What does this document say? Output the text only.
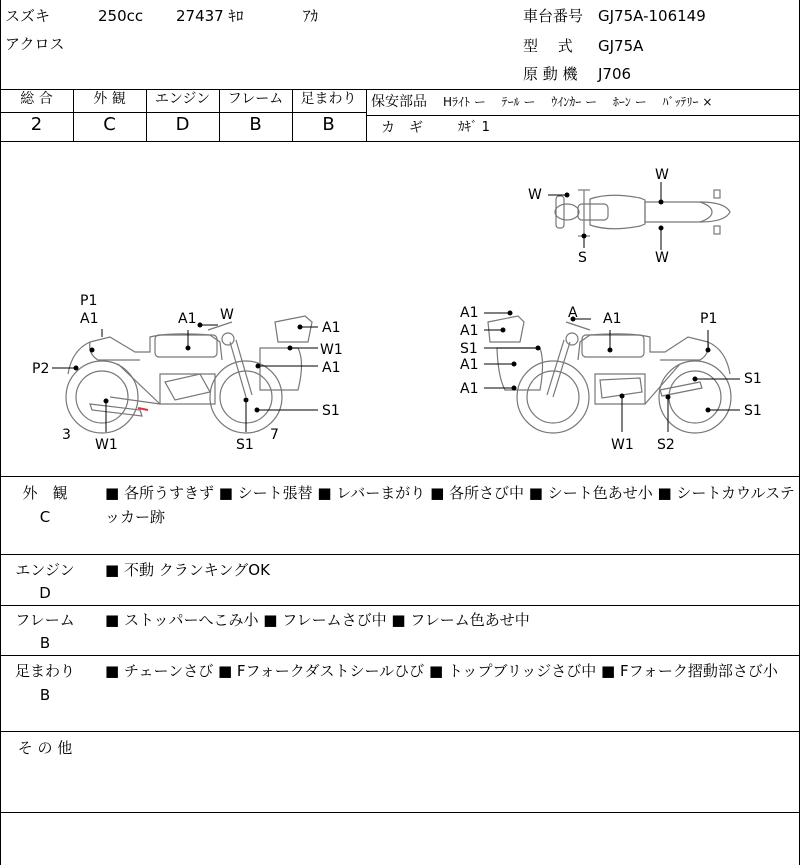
スズキ	250cc 27437 ｷﾛ	ｱｶ
アクロス
車台番号 GJ75A-106149
型　 式 GJ75A
原 動 機 J706
総 合	外 観	エンジン	フレーム	足まわり
2	C	D	B	B
保安部品 Hﾗｲﾄ ー　 ﾃｰﾙ ー　 ｳｲﾝｶｰ ー　 ﾎｰﾝ ー　 ﾊﾞｯﾃﾘｰ ×
カ　ギ	ｶｷﾞ 1
W
W
S	W
P1
A1	A1 W
A1
W1
P2	A1
S1
3
W1	S1
7
A1
A1
S1
A1
A1
A A1	P1
S1
S1
W1 S2
外　観
C
■ 各所うすきず ■ シート張替 ■ レバーまがり ■ 各所さび中 ■ シート色あせ小 ■ シートカウルステッカー跡
エンジン
D
■ 不動 クランキングOK
フレーム
B
■ ストッパーへこみ小 ■ フレームさび中 ■ フレーム色あせ中
足まわり
B
■ チェーンさび ■ Fフォークダストシールひび ■ トップブリッジさび中 ■ Fフォーク摺動部さび小
そ の 他
